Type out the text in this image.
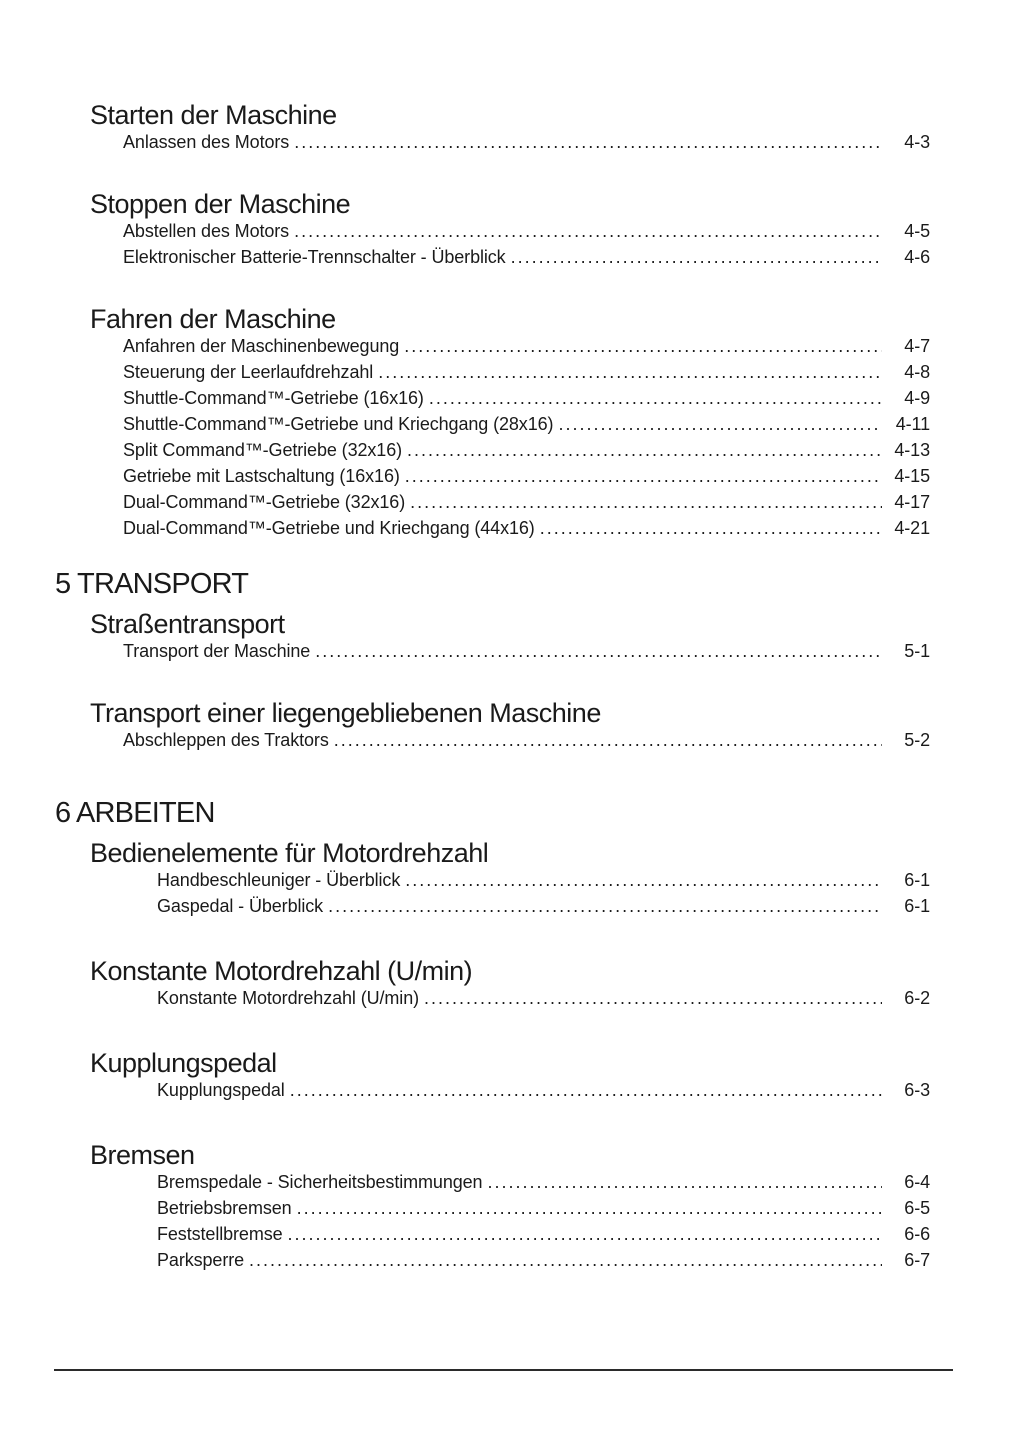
Starten der Maschine
Anlassen des Motors .....	4-3
Stoppen der Maschine
Abstellen des Motors .....	4-5
Elektronischer Batterie-Trennschalter - Überblick .....	4-6
Fahren der Maschine
Anfahren der Maschinenbewegung .....	4-7
Steuerung der Leerlaufdrehzahl .....	4-8
Shuttle-Command™-Getriebe (16x16) .....	4-9
Shuttle-Command™-Getriebe und Kriechgang (28x16) .....	4-11
Split Command™-Getriebe (32x16) .....	4-13
Getriebe mit Lastschaltung (16x16) .....	4-15
Dual-Command™-Getriebe (32x16) .....	4-17
Dual-Command™-Getriebe und Kriechgang (44x16) .....	4-21
5 TRANSPORT
Straßentransport
Transport der Maschine .....	5-1
Transport einer liegengebliebenen Maschine
Abschleppen des Traktors .....	5-2
6 ARBEITEN
Bedienelemente für Motordrehzahl
Handbeschleuniger - Überblick .....	6-1
Gaspedal - Überblick .....	6-1
Konstante Motordrehzahl (U/min)
Konstante Motordrehzahl (U/min) .....	6-2
Kupplungspedal
Kupplungspedal .....	6-3
Bremsen
Bremspedale - Sicherheitsbestimmungen .....	6-4
Betriebsbremsen .....	6-5
Feststellbremse .....	6-6
Parksperre .....	6-7
